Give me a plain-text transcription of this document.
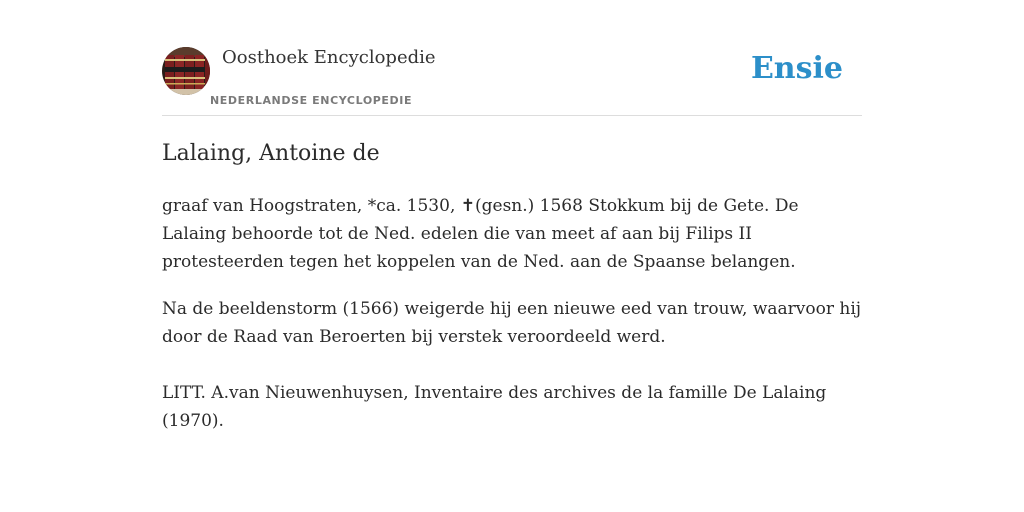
Oosthoek Encyclopedie
NEDERLANDSE ENCYCLOPEDIE
Ensie
Lalaing, Antoine de

graaf van Hoogstraten, *ca. 1530, ✝(gesn.) 1568 Stokkum bij de Gete. De Lalaing behoorde tot de Ned. edelen die van meet af aan bij Filips II protesteerden tegen het koppelen van de Ned. aan de Spaanse belangen.

Na de beeldenstorm (1566) weigerde hij een nieuwe eed van trouw, waarvoor hij door de Raad van Beroerten bij verstek veroordeeld werd.

LITT. A.van Nieuwenhuysen, Inventaire des archives de la famille De Lalaing (1970).
